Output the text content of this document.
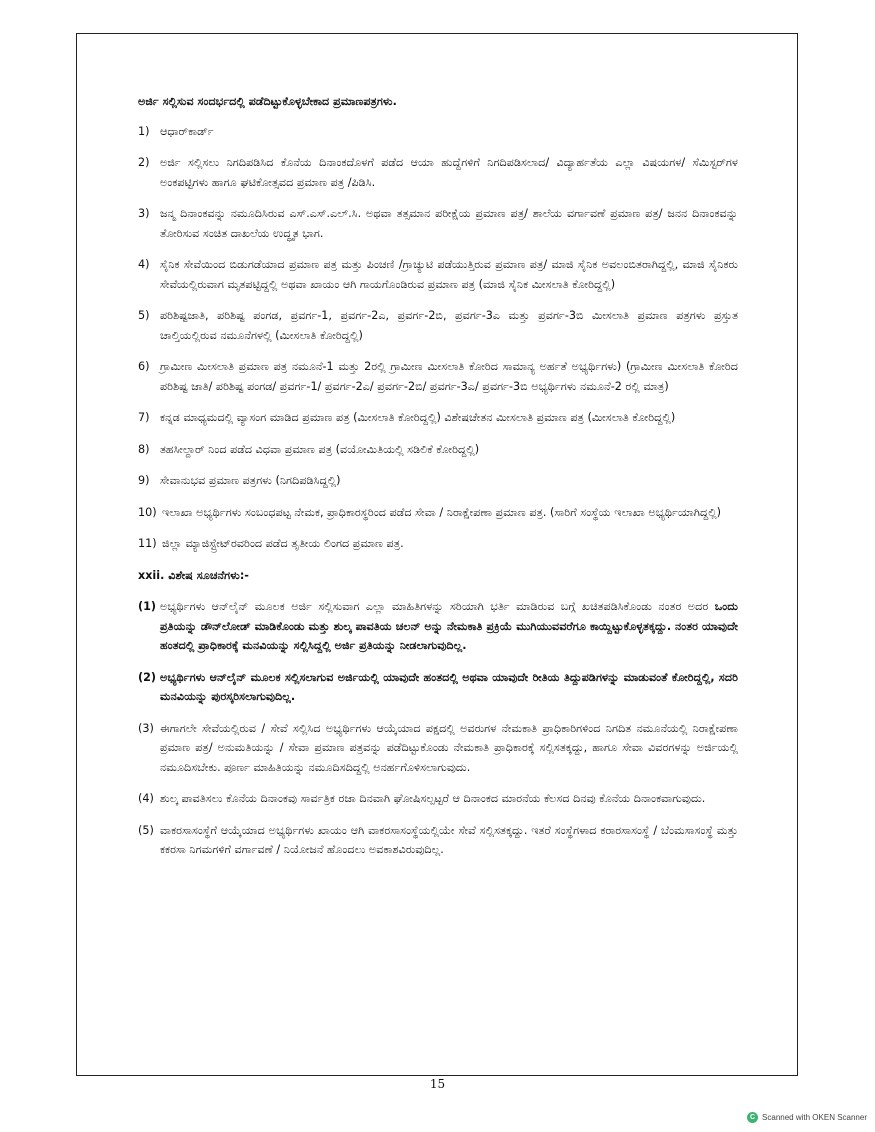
ಅರ್ಜಿ ಸಲ್ಲಿಸುವ ಸಂದರ್ಭದಲ್ಲಿ ಪಡೆದಿಟ್ಟುಕೊಳ್ಳಬೇಕಾದ ಪ್ರಮಾಣಪತ್ರಗಳು.
1) ಆಧಾರ್‌ಕಾರ್ಡ್
2) ಅರ್ಜಿ ಸಲ್ಲಿಸಲು ನಿಗದಿಪಡಿಸಿದ ಕೊನೆಯ ದಿನಾಂಕದೊಳಗೆ ಪಡೆದ ಆಯಾ ಹುದ್ದೆಗಳಿಗೆ ನಿಗದಿಪಡಿಸಲಾದ/ ವಿದ್ಯಾರ್ಹತೆಯ ಎಲ್ಲಾ ವಿಷಯಗಳ/ ಸೆಮಿಸ್ಟರ್‌ಗಳ ಅಂಕಪಟ್ಟಿಗಳು ಹಾಗೂ ಘಟಿಕೋತ್ಸವದ ಪ್ರಮಾಣ ಪತ್ರ /ಪಿಡಿಸಿ.
3) ಜನ್ಮ ದಿನಾಂಕವನ್ನು ನಮೂದಿಸಿರುವ ಎಸ್.ಎಸ್.ಎಲ್.ಸಿ. ಅಥವಾ ತತ್ಸಮಾನ ಪರೀಕ್ಷೆಯ ಪ್ರಮಾಣ ಪತ್ರ/ ಶಾಲೆಯ ವರ್ಗಾವಣೆ ಪ್ರಮಾಣ ಪತ್ರ/ ಜನನ ದಿನಾಂಕವನ್ನು ತೋರಿಸುವ ಸಂಚಿತ ದಾಖಲೆಯ ಉದ್ಧೃತ ಭಾಗ.
4) ಸೈನಿಕ ಸೇವೆಯಿಂದ ಬಿಡುಗಡೆಯಾದ ಪ್ರಮಾಣ ಪತ್ರ ಮತ್ತು ಪಿಂಚಣಿ /ಗ್ರಾಚ್ಯುಟಿ ಪಡೆಯುತ್ತಿರುವ ಪ್ರಮಾಣ ಪತ್ರ/ ಮಾಜಿ ಸೈನಿಕ ಅವಲಂಬಿತರಾಗಿದ್ದಲ್ಲಿ, ಮಾಜಿ ಸೈನಿಕರು ಸೇವೆಯಲ್ಲಿರುವಾಗ ಮೃತಪಟ್ಟಿದ್ದಲ್ಲಿ ಅಥವಾ ಖಾಯಂ ಆಗಿ ಗಾಯಗೊಂಡಿರುವ ಪ್ರಮಾಣ ಪತ್ರ (ಮಾಜಿ ಸೈನಿಕ ಮೀಸಲಾತಿ ಕೋರಿದ್ದಲ್ಲಿ)
5) ಪರಿಶಿಷ್ಟಜಾತಿ, ಪರಿಶಿಷ್ಟ ಪಂಗಡ, ಪ್ರವರ್ಗ-1, ಪ್ರವರ್ಗ-2ಎ, ಪ್ರವರ್ಗ-2ಬಿ, ಪ್ರವರ್ಗ-3ಎ ಮತ್ತು ಪ್ರವರ್ಗ-3ಬಿ ಮೀಸಲಾತಿ ಪ್ರಮಾಣ ಪತ್ರಗಳು ಪ್ರಸ್ತುತ ಚಾಲ್ತಿಯಲ್ಲಿರುವ ನಮೂನೆಗಳಲ್ಲಿ (ಮೀಸಲಾತಿ ಕೋರಿದ್ದಲ್ಲಿ)
6) ಗ್ರಾಮೀಣ ಮೀಸಲಾತಿ ಪ್ರಮಾಣ ಪತ್ರ ನಮೂನೆ-1 ಮತ್ತು 2ರಲ್ಲಿ ಗ್ರಾಮೀಣ ಮೀಸಲಾತಿ ಕೋರಿದ ಸಾಮಾನ್ಯ ಅರ್ಹತೆ ಅಭ್ಯರ್ಥಿಗಳು) (ಗ್ರಾಮೀಣ ಮೀಸಲಾತಿ ಕೋರಿದ ಪರಿಶಿಷ್ಟ ಜಾತಿ/ ಪರಿಶಿಷ್ಟ ಪಂಗಡ/ ಪ್ರವರ್ಗ-1/ ಪ್ರವರ್ಗ-2ಎ/ ಪ್ರವರ್ಗ-2ಬಿ/ ಪ್ರವರ್ಗ-3ಎ/ ಪ್ರವರ್ಗ-3ಬಿ ಅಭ್ಯರ್ಥಿಗಳು ನಮೂನೆ-2 ರಲ್ಲಿ ಮಾತ್ರ)
7) ಕನ್ನಡ ಮಾಧ್ಯಮದಲ್ಲಿ ವ್ಯಾಸಂಗ ಮಾಡಿದ ಪ್ರಮಾಣ ಪತ್ರ (ಮೀಸಲಾತಿ ಕೋರಿದ್ದಲ್ಲಿ) ವಿಶೇಷಚೇತನ ಮೀಸಲಾತಿ ಪ್ರಮಾಣ ಪತ್ರ (ಮೀಸಲಾತಿ ಕೋರಿದ್ದಲ್ಲಿ)
8) ತಹಸೀಲ್ದಾರ್ ನಿಂದ ಪಡೆದ ವಿಧವಾ ಪ್ರಮಾಣ ಪತ್ರ (ವಯೋಮಿತಿಯಲ್ಲಿ ಸಡಿಲಿಕೆ ಕೋರಿದ್ದಲ್ಲಿ)
9) ಸೇವಾನುಭವ ಪ್ರಮಾಣ ಪತ್ರಗಳು (ನಿಗದಿಪಡಿಸಿದ್ದಲ್ಲಿ)
10) ಇಲಾಖಾ ಅಭ್ಯರ್ಥಿಗಳು ಸಂಬಂಧಪಟ್ಟ ನೇಮಕ, ಪ್ರಾಧಿಕಾರಸ್ಥರಿಂದ ಪಡೆದ ಸೇವಾ / ನಿರಾಕ್ಷೇಪಣಾ ಪ್ರಮಾಣ ಪತ್ರ. (ಸಾರಿಗೆ ಸಂಸ್ಥೆಯ ಇಲಾಖಾ ಅಭ್ಯರ್ಥಿಯಾಗಿದ್ದಲ್ಲಿ)
11) ಜಿಲ್ಲಾ ಮ್ಯಾಜಿಸ್ಟ್ರೇಟ್‌ರವರಿಂದ ಪಡೆದ ತೃತೀಯ ಲಿಂಗದ ಪ್ರಮಾಣ ಪತ್ರ.
xxii. ವಿಶೇಷ ಸೂಚನೆಗಳು:-
(1) ಅಭ್ಯರ್ಥಿಗಳು ಆನ್‌ಲೈನ್ ಮೂಲಕ ಅರ್ಜಿ ಸಲ್ಲಿಸುವಾಗ ಎಲ್ಲಾ ಮಾಹಿತಿಗಳನ್ನು ಸರಿಯಾಗಿ ಭರ್ತಿ ಮಾಡಿರುವ ಬಗ್ಗೆ ಖಚಿತಪಡಿಸಿಕೊಂಡು ನಂತರ ಅದರ ಒಂದು ಪ್ರತಿಯನ್ನು ಡೌನ್‌ಲೋಡ್ ಮಾಡಿಕೊಂಡು ಮತ್ತು ಶುಲ್ಕ ಪಾವತಿಯ ಚಲನ್ ಅನ್ನು ನೇಮಕಾತಿ ಪ್ರಕ್ರಿಯೆ ಮುಗಿಯುವವರೆಗೂ ಕಾಯ್ದಿಟ್ಟುಕೊಳ್ಳತಕ್ಕದ್ದು. ನಂತರ ಯಾವುದೇ ಹಂತದಲ್ಲಿ ಪ್ರಾಧಿಕಾರಕ್ಕೆ ಮನವಿಯನ್ನು ಸಲ್ಲಿಸಿದ್ದಲ್ಲಿ ಅರ್ಜಿ ಪ್ರತಿಯನ್ನು ನೀಡಲಾಗುವುದಿಲ್ಲ.
(2) ಅಭ್ಯರ್ಥಿಗಳು ಆನ್‌ಲೈನ್ ಮೂಲಕ ಸಲ್ಲಿಸಲಾಗುವ ಅರ್ಜಿಯಲ್ಲಿ ಯಾವುದೇ ಹಂತದಲ್ಲಿ ಅಥವಾ ಯಾವುದೇ ರೀತಿಯ ತಿದ್ದುಪಡಿಗಳನ್ನು ಮಾಡುವಂತೆ ಕೋರಿದ್ದಲ್ಲಿ, ಸದರಿ ಮನವಿಯನ್ನು ಪುರಸ್ಕರಿಸಲಾಗುವುದಿಲ್ಲ.
(3) ಈಗಾಗಲೇ ಸೇವೆಯಲ್ಲಿರುವ / ಸೇವೆ ಸಲ್ಲಿಸಿದ ಅಭ್ಯರ್ಥಿಗಳು ಆಯ್ಕೆಯಾದ ಪಕ್ಷದಲ್ಲಿ ಅವರುಗಳ ನೇಮಕಾತಿ ಪ್ರಾಧಿಕಾರಿಗಳಿಂದ ನಿಗದಿತ ನಮೂನೆಯಲ್ಲಿ ನಿರಾಕ್ಷೇಪಣಾ ಪ್ರಮಾಣ ಪತ್ರ/ ಅನುಮತಿಯನ್ನು / ಸೇವಾ ಪ್ರಮಾಣ ಪತ್ರವನ್ನು ಪಡೆದಿಟ್ಟುಕೊಂಡು ನೇಮಕಾತಿ ಪ್ರಾಧಿಕಾರಕ್ಕೆ ಸಲ್ಲಿಸತಕ್ಕದ್ದು, ಹಾಗೂ ಸೇವಾ ವಿವರಗಳನ್ನು ಅರ್ಜಿಯಲ್ಲಿ ನಮೂದಿಸಬೇಕು. ಪೂರ್ಣ ಮಾಹಿತಿಯನ್ನು ನಮೂದಿಸದಿದ್ದಲ್ಲಿ ಅನರ್ಹಗೊಳಿಸಲಾಗುವುದು.
(4) ಶುಲ್ಕ ಪಾವತಿಸಲು ಕೊನೆಯ ದಿನಾಂಕವು ಸಾರ್ವತ್ರಿಕ ರಜಾ ದಿನವಾಗಿ ಘೋಷಿಸಲ್ಪಟ್ಟರೆ ಆ ದಿನಾಂಕದ ಮಾರನೆಯ ಕೆಲಸದ ದಿನವು ಕೊನೆಯ ದಿನಾಂಕವಾಗುವುದು.
(5) ವಾಕರಸಾಸಂಸ್ಥೆಗೆ ಆಯ್ಕೆಯಾದ ಅಭ್ಯರ್ಥಿಗಳು ಖಾಯಂ ಆಗಿ ವಾಕರಸಾಸಂಸ್ಥೆಯಲ್ಲಿಯೇ ಸೇವೆ ಸಲ್ಲಿಸತಕ್ಕದ್ದು. ಇತರೆ ಸಂಸ್ಥೆಗಳಾದ ಕರಾರಸಾಸಂಸ್ಥೆ / ಬೆಂಮಸಾಸಂಸ್ಥೆ ಮತ್ತು ಕಕರಸಾ ನಿಗಮಗಳಿಗೆ ವರ್ಗಾವಣೆ / ನಿಯೋಜನೆ ಹೊಂದಲು ಅವಕಾಶವಿರುವುದಿಲ್ಲ.
15
C Scanned with OKEN Scanner
